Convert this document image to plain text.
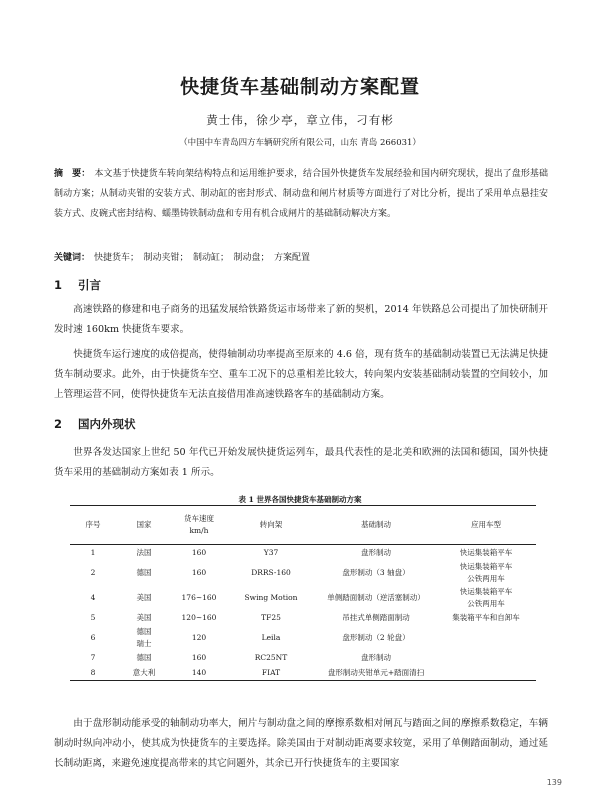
快捷货车基础制动方案配置
黄士伟，徐少亭，章立伟，刁有彬
（中国中车青岛四方车辆研究所有限公司，山东 青岛 266031）
摘　要： 本文基于快捷货车转向架结构特点和运用维护要求，结合国外快捷货车发展经验和国内研究现状，提出了盘形基础制动方案；从制动夹钳的安装方式、制动缸的密封形式、制动盘和闸片材质等方面进行了对比分析，提出了采用单点悬挂安装方式、皮碗式密封结构、蠕墨铸铁制动盘和专用有机合成闸片的基础制动解决方案。
关键词： 快捷货车；　制动夹钳；　制动缸；　制动盘；　方案配置
1 引言
高速铁路的修建和电子商务的迅猛发展给铁路货运市场带来了新的契机，2014 年铁路总公司提出了加快研制开发时速 160km 快捷货车要求。
快捷货车运行速度的成倍提高，使得轴制动功率提高至原来的 4.6 倍，现有货车的基础制动装置已无法满足快捷货车制动要求。此外，由于快捷货车空、重车工况下的总重相差比较大，转向架内安装基础制动装置的空间较小，加上管理运营不同，使得快捷货车无法直接借用准高速铁路客车的基础制动方案。
2 国内外现状
世界各发达国家上世纪 50 年代已开始发展快捷货运列车，最具代表性的是北美和欧洲的法国和德国，国外快捷货车采用的基础制动方案如表 1 所示。
表 1 世界各国快捷货车基础制动方案
序号	国家	货车速度
km/h	转向架	基础制动	应用车型
1	法国	160	Y37	盘形制动	快运集装箱平车
2	德国	160	DRRS-160	盘形制动（3 轴盘）	快运集装箱平车
公铁两用车
4	美国	176~160	Swing Motion	单侧踏面制动（逆活塞制动）	快运集装箱平车
公铁两用车
5	美国	120~160	TF25	吊挂式单侧踏面制动	集装箱平车和自卸车
6	德国
瑞士	120	Leila	盘形制动（2 轮盘）	
7	德国	160	RC25NT	盘形制动	
8	意大利	140	FIAT	盘形制动夹钳单元+踏面清扫	
由于盘形制动能承受的轴制动功率大，闸片与制动盘之间的摩擦系数相对闸瓦与踏面之间的摩擦系数稳定，车辆制动时纵向冲动小，使其成为快捷货车的主要选择。除美国由于对制动距离要求较宽，采用了单侧踏面制动，通过延长制动距离，来避免速度提高带来的其它问题外，其余已开行快捷货车的主要国家
139
